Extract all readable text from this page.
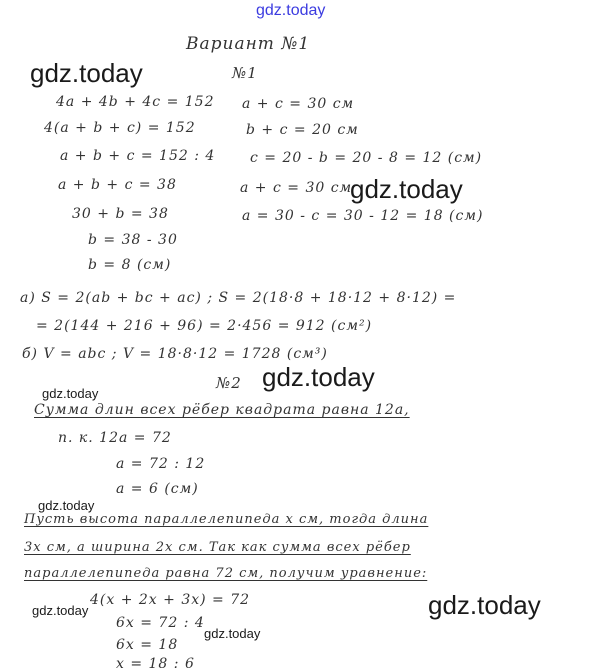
gdz.today
gdz.today
gdz.today
gdz.today
gdz.today
gdz.today
gdz.today
gdz.today
gdz.today
Вариант №1
№1
4a + 4b + 4c = 152
4(a + b + c) = 152
a + b + c = 152 : 4
a + b + c = 38
30 + b = 38
b = 38 - 30
b = 8 (см)
a + c = 30 см
b + c = 20 см
c = 20 - b = 20 - 8 = 12 (см)
a + c = 30 см
a = 30 - c = 30 - 12 = 18 (см)
a) S = 2(ab + bc + ac) ; S = 2(18·8 + 18·12 + 8·12) =
= 2(144 + 216 + 96) = 2·456 = 912 (см²)
б) V = abc ; V = 18·8·12 = 1728 (см³)
№2
Сумма длин всех рёбер квадрата равна 12a,
п. к. 12a = 72
a = 72 : 12
a = 6 (см)
Пусть высота параллелепипеда x см, тогда длина
3x см, а ширина 2x см. Так как сумма всех рёбер
параллелепипеда равна 72 см, получим уравнение:
4(x + 2x + 3x) = 72
6x = 72 : 4
6x = 18
x = 18 : 6
